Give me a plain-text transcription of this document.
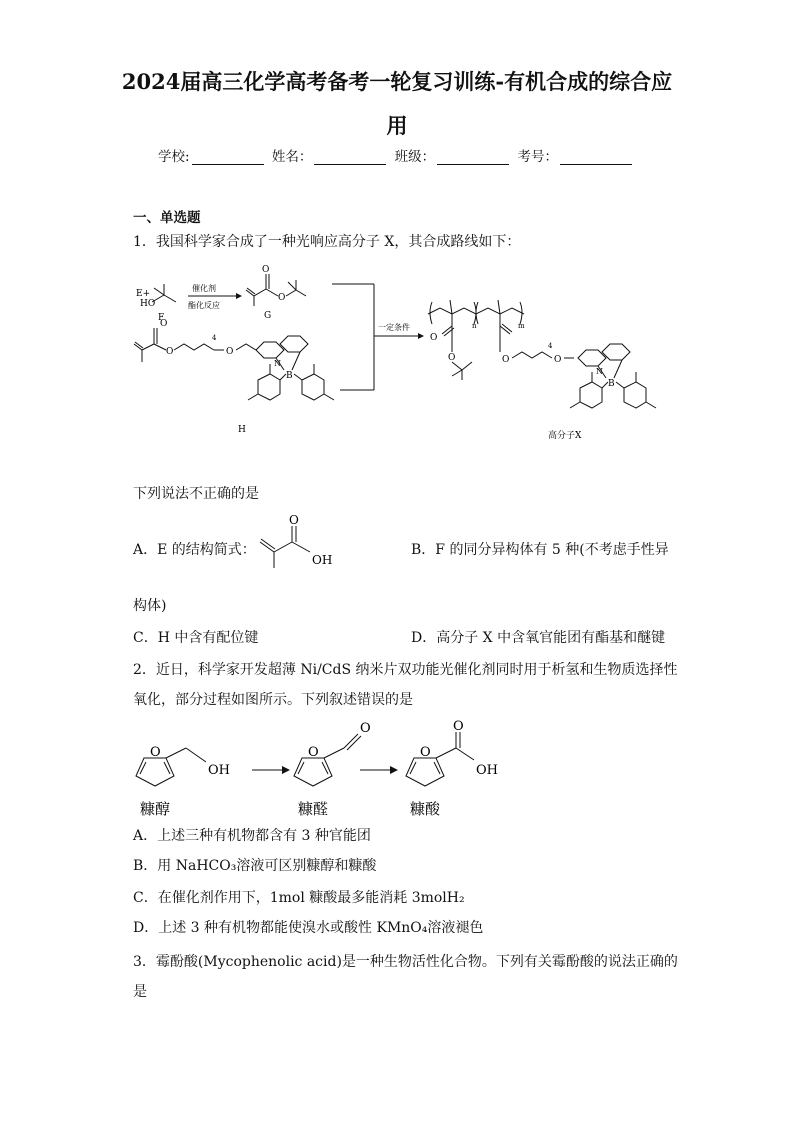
2024届高三化学高考备考一轮复习训练-有机合成的综合应
用
学校:	姓名：	班级：	考号：
一、单选题
1．我国科学家合成了一种光响应高分子 X，其合成路线如下：
E+
HO
F
催化剂
酯化反应
O
O
G
O
O	O
4
N
B
H
一定条件	n	m
O
O	O	O
4
N
B
高分子X
下列说法不正确的是
A．E 的结构简式：
O
OH
B．F 的同分异构体有 5 种(不考虑手性异
构体)
C．H 中含有配位键	D．高分子 X 中含氧官能团有酯基和醚键
2．近日，科学家开发超薄 Ni/CdS 纳米片双功能光催化剂同时用于析氢和生物质选择性
氧化，部分过程如图所示。下列叙述错误的是
O	O	O
OH
O	O
OH
糠醇	糠醛	糠酸
A．上述三种有机物都含有 3 种官能团
B．用 NaHCO₃溶液可区别糠醇和糠酸
C．在催化剂作用下，1mol 糠酸最多能消耗 3molH₂
D．上述 3 种有机物都能使溴水或酸性 KMnO₄溶液褪色
3．霉酚酸(Mycophenolic acid)是一种生物活性化合物。下列有关霉酚酸的说法正确的
是
